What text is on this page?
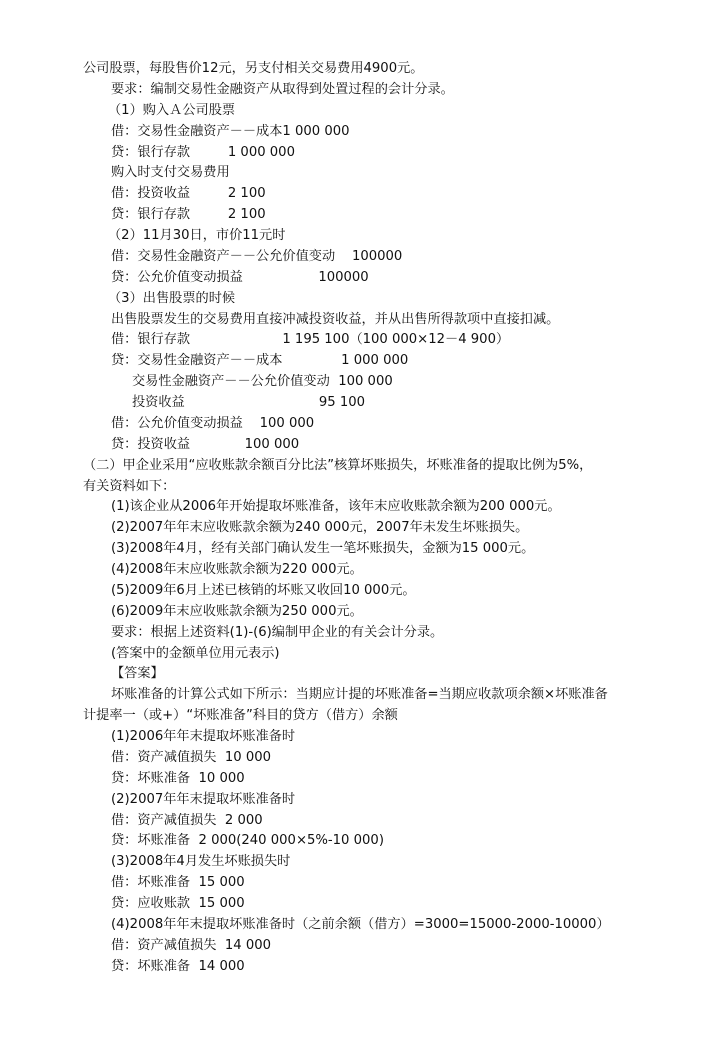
公司股票，每股售价12元，另支付相关交易费用4900元。
要求：编制交易性金融资产从取得到处置过程的会计分录。
（1）购入Ａ公司股票
借：交易性金融资产－－成本1 000 000
贷：银行存款         1 000 000
购入时支付交易费用
借：投资收益         2 100
贷：银行存款         2 100
（2）11月30日，市价11元时
借：交易性金融资产－－公允价值变动    100000
贷：公允价值变动损益                  100000
（3）出售股票的时候
出售股票发生的交易费用直接冲减投资收益，并从出售所得款项中直接扣减。
借：银行存款                      1 195 100（100 000×12－4 900）
贷：交易性金融资产－－成本              1 000 000
交易性金融资产－－公允价值变动  100 000
投资收益                                95 100
借：公允价值变动损益    100 000
贷：投资收益             100 000
（二）甲企业采用“应收账款余额百分比法”核算坏账损失，坏账准备的提取比例为5%，
有关资料如下：
(1)该企业从2006年开始提取坏账准备，该年末应收账款余额为200 000元。
(2)2007年年末应收账款余额为240 000元，2007年未发生坏账损失。
(3)2008年4月，经有关部门确认发生一笔坏账损失，金额为15 000元。
(4)2008年末应收账款余额为220 000元。
(5)2009年6月上述已核销的坏账又收回10 000元。
(6)2009年末应收账款余额为250 000元。
要求：根据上述资料(1)-(6)编制甲企业的有关会计分录。
(答案中的金额单位用元表示)
【答案】
坏账准备的计算公式如下所示：当期应计提的坏账准备=当期应收款项余额×坏账准备
计提率一（或+）“坏账准备”科目的贷方（借方）余额
(1)2006年年末提取坏账准备时
借：资产减值损失  10 000
贷：坏账准备  10 000
(2)2007年年末提取坏账准备时
借：资产减值损失  2 000
贷：坏账准备  2 000(240 000×5%-10 000)
(3)2008年4月发生坏账损失时
借：坏账准备  15 000
贷：应收账款  15 000
(4)2008年年末提取坏账准备时（之前余额（借方）=3000=15000-2000-10000）
借：资产减值损失  14 000
贷：坏账准备  14 000
